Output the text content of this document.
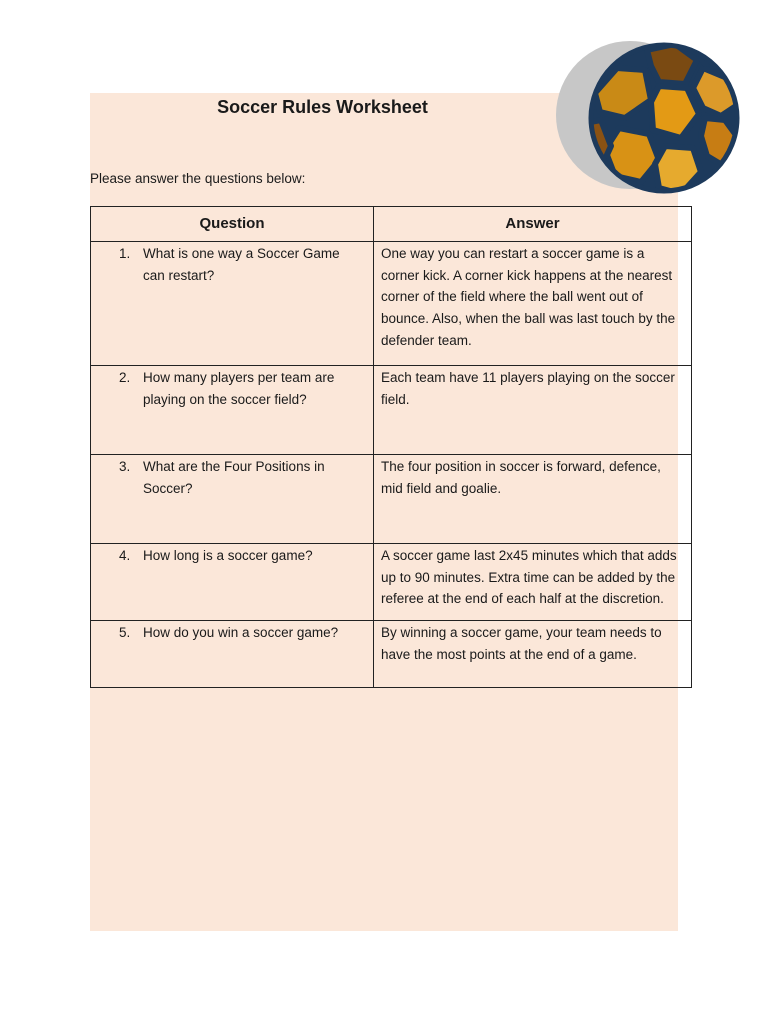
Soccer Rules Worksheet

Please answer the questions below:

Question	Answer

1. What is one way a Soccer Game can restart?	One way you can restart a soccer game is a corner kick. A corner kick happens at the nearest corner of the field where the ball went out of bounce. Also, when the ball was last touch by the defender team.

2. How many players per team are playing on the soccer field?	Each team have 11 players playing on the soccer field.

3. What are the Four Positions in Soccer?	The four position in soccer is forward, defence, mid field and goalie.

4. How long is a soccer game?	A soccer game last 2x45 minutes which that adds up to 90 minutes. Extra time can be added by the referee at the end of each half at the discretion.

5. How do you win a soccer game?	By winning a soccer game, your team needs to have the most points at the end of a game.
